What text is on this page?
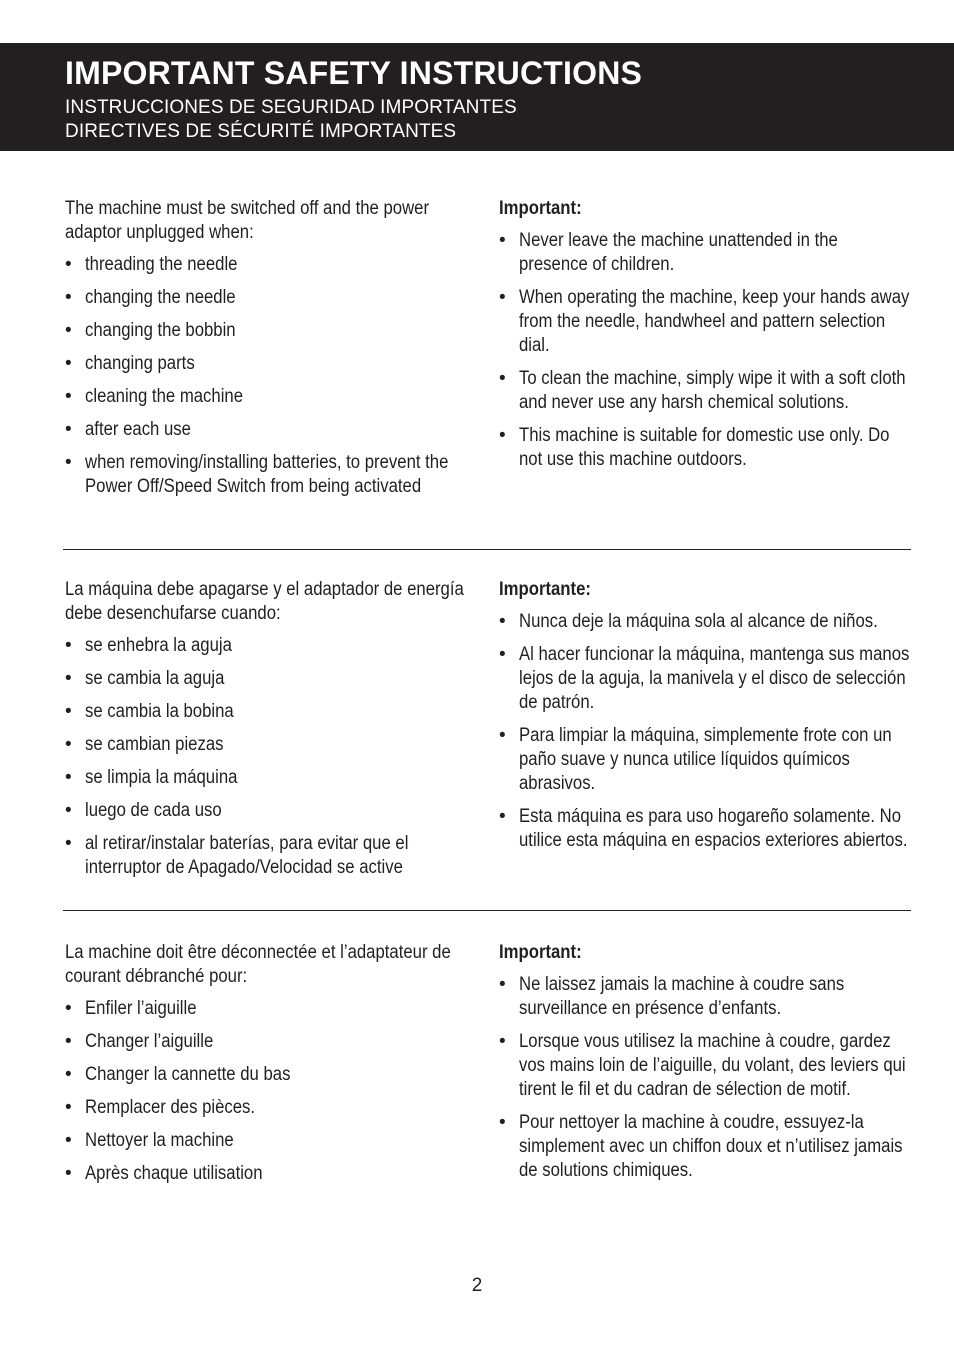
IMPORTANT SAFETY INSTRUCTIONS
INSTRUCCIONES DE SEGURIDAD IMPORTANTES
DIRECTIVES DE SÉCURITÉ IMPORTANTES

The machine must be switched off and the power adaptor unplugged when:

• threading the needle
• changing the needle
• changing the bobbin
• changing parts
• cleaning the machine
• after each use
• when removing/installing batteries, to prevent the Power Off/Speed Switch from being activated

Important:

• Never leave the machine unattended in the presence of children.
• When operating the machine, keep your hands away from the needle, handwheel and pattern selection dial.
• To clean the machine, simply wipe it with a soft cloth and never use any harsh chemical solutions.
• This machine is suitable for domestic use only. Do not use this machine outdoors.

La máquina debe apagarse y el adaptador de energía debe desenchufarse cuando:

• se enhebra la aguja
• se cambia la aguja
• se cambia la bobina
• se cambian piezas
• se limpia la máquina
• luego de cada uso
• al retirar/instalar baterías, para evitar que el interruptor de Apagado/Velocidad se active

Importante:

• Nunca deje la máquina sola al alcance de niños.
• Al hacer funcionar la máquina, mantenga sus manos lejos de la aguja, la manivela y el disco de selección de patrón.
• Para limpiar la máquina, simplemente frote con un paño suave y nunca utilice líquidos químicos abrasivos.
• Esta máquina es para uso hogareño solamente. No utilice esta máquina en espacios exteriores abiertos.

La machine doit être déconnectée et l’adaptateur de courant débranché pour:

• Enfiler l’aiguille
• Changer l’aiguille
• Changer la cannette du bas
• Remplacer des pièces.
• Nettoyer la machine
• Après chaque utilisation

Important:

• Ne laissez jamais la machine à coudre sans surveillance en présence d’enfants.
• Lorsque vous utilisez la machine à coudre, gardez vos mains loin de l’aiguille, du volant, des leviers qui tirent le fil et du cadran de sélection de motif.
• Pour nettoyer la machine à coudre, essuyez-la simplement avec un chiffon doux et n’utilisez jamais de solutions chimiques.
2
